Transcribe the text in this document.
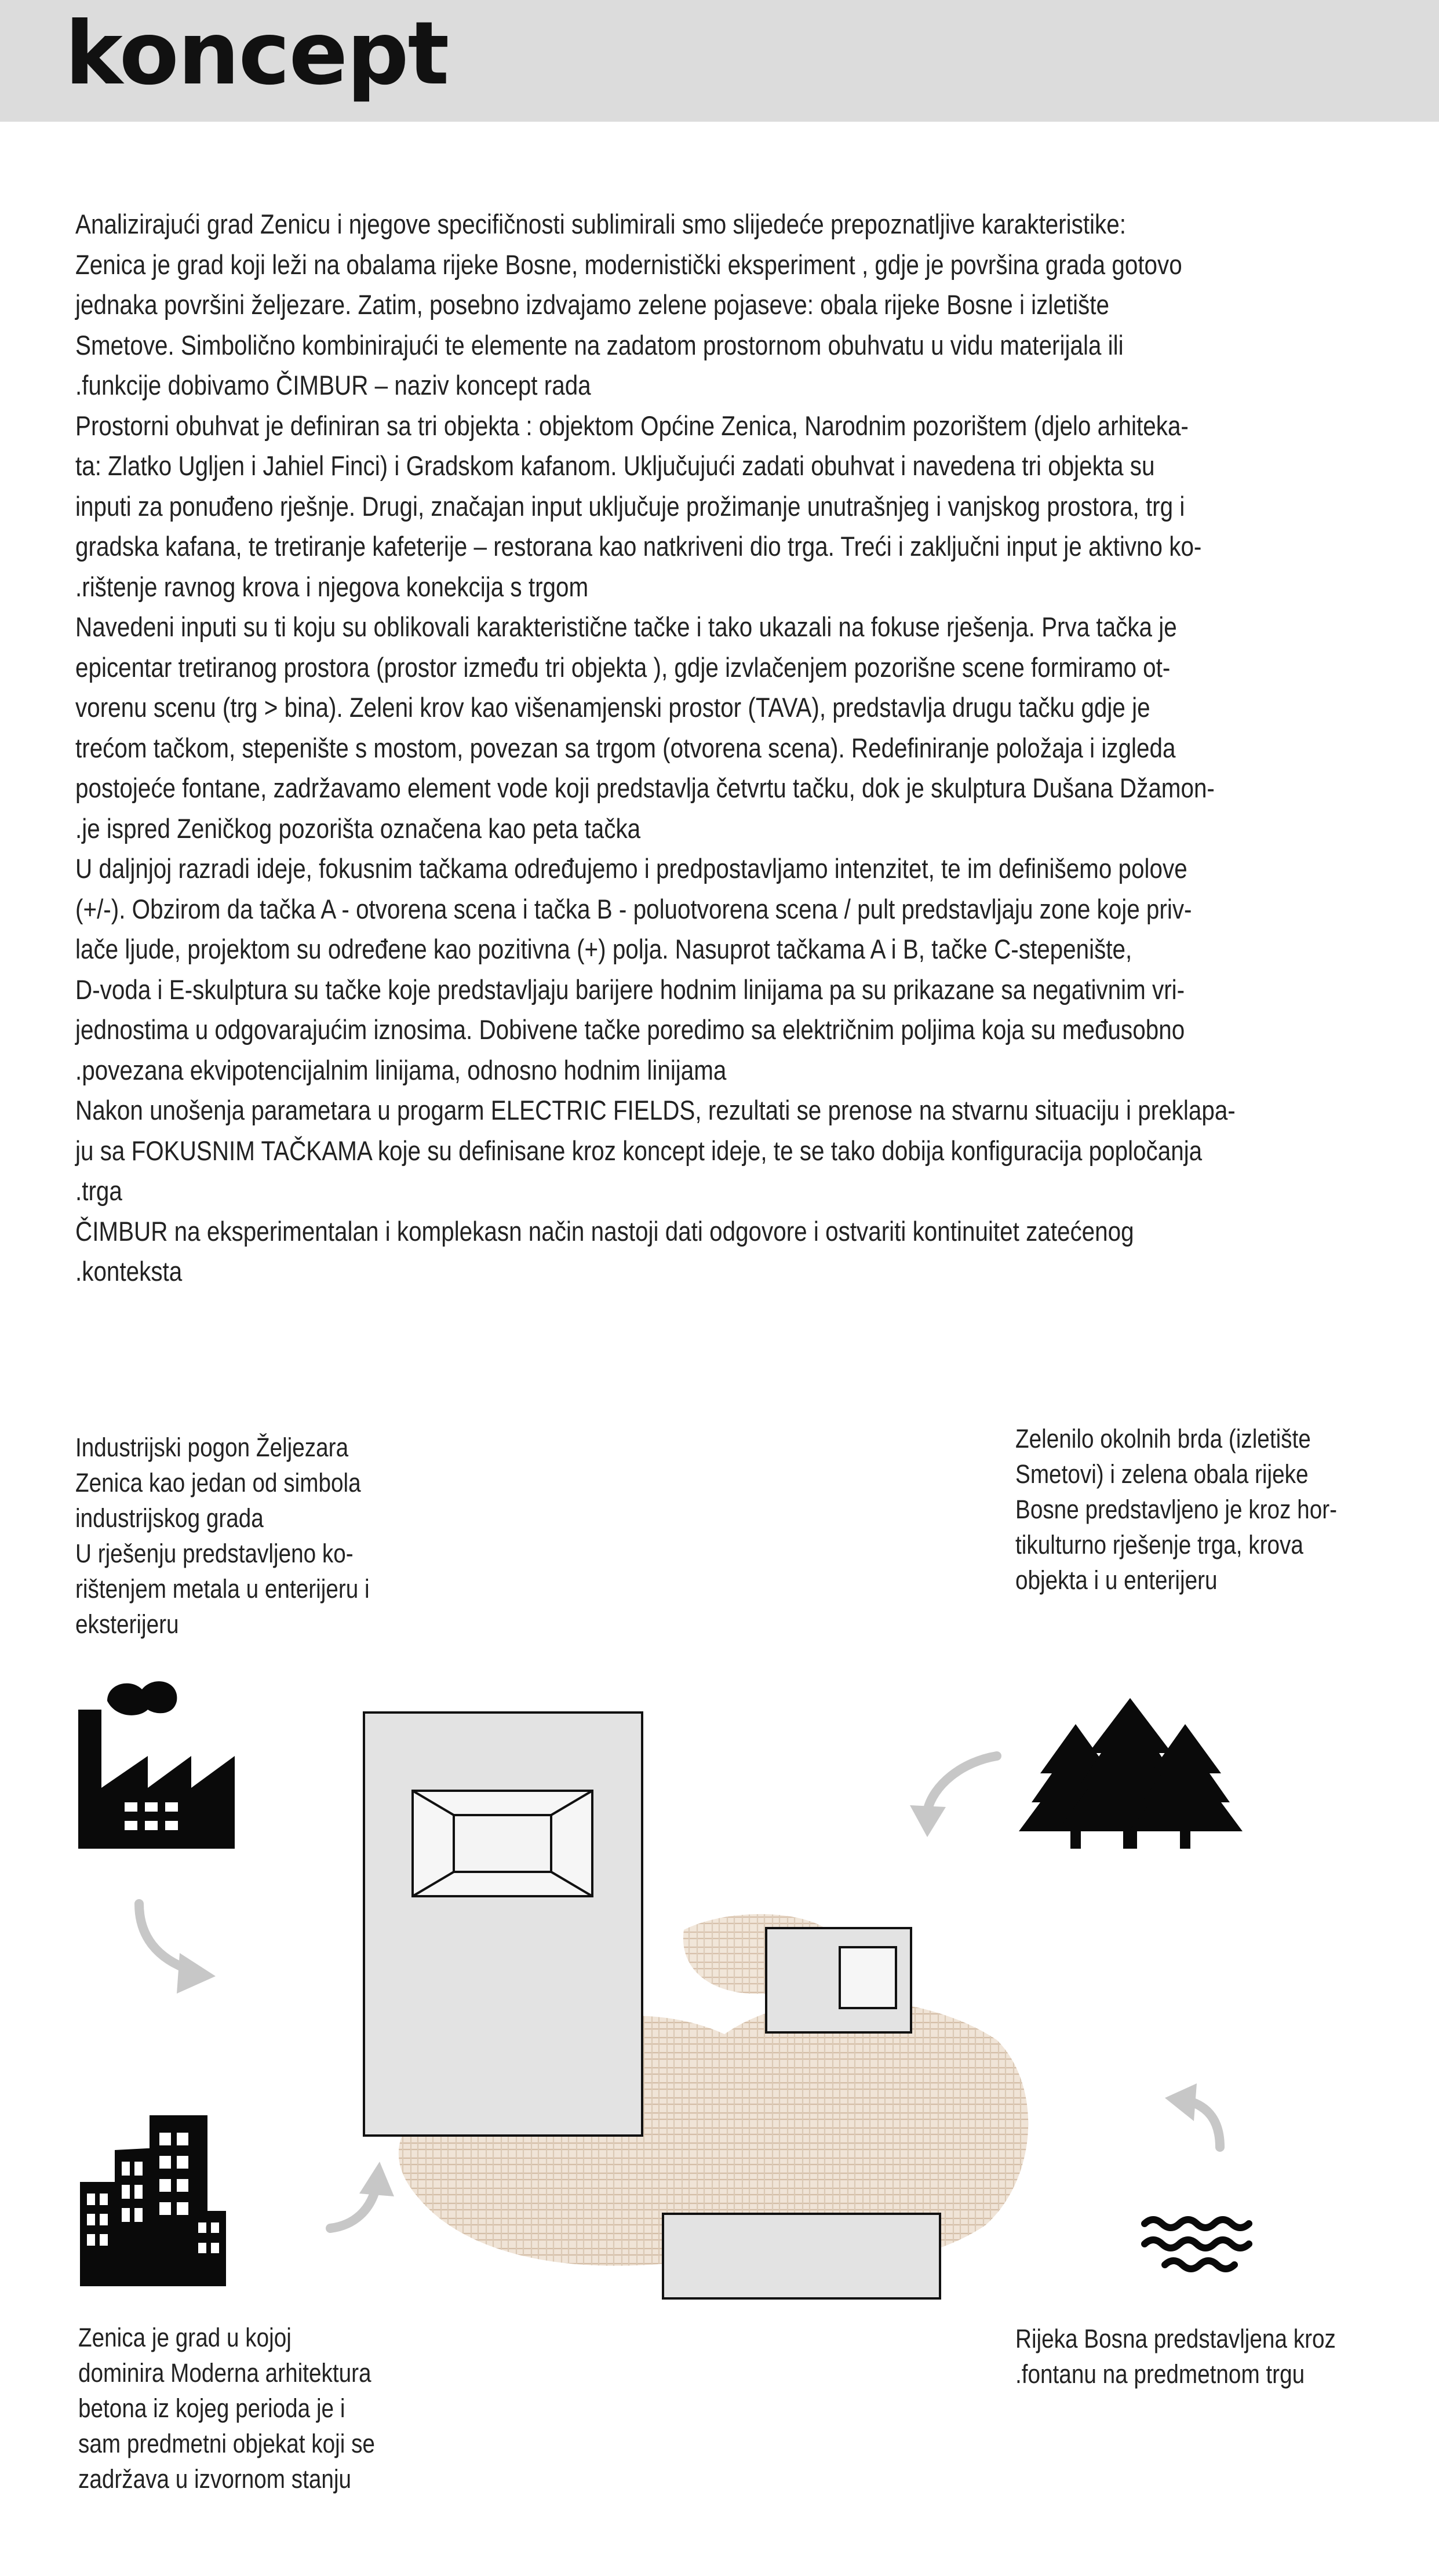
koncept

Analizirajući grad Zenicu i njegove specifičnosti sublimirali smo slijedeće prepoznatljive karakteristike:

Zenica je grad koji leži na obalama rijeke Bosne, modernistički eksperiment , gdje je površina grada gotovo

jednaka površini željezare. Zatim, posebno izdvajamo zelene pojaseve: obala rijeke Bosne i izletište

Smetove. Simbolično kombinirajući te elemente na zadatom prostornom obuhvatu u vidu materijala ili

.funkcije dobivamo ČIMBUR – naziv koncept rada

Prostorni obuhvat je definiran sa tri objekta : objektom Općine Zenica, Narodnim pozorištem (djelo arhiteka-

ta: Zlatko Ugljen i Jahiel Finci) i Gradskom kafanom. Uključujući zadati obuhvat i navedena tri objekta su

inputi za ponuđeno rješnje. Drugi, značajan input uključuje prožimanje unutrašnjeg i vanjskog prostora, trg i

gradska kafana, te tretiranje kafeterije – restorana kao natkriveni dio trga. Treći i zaključni input je aktivno ko-

.rištenje ravnog krova i njegova konekcija s trgom

Navedeni inputi su ti koju su oblikovali karakteristične tačke i tako ukazali na fokuse rješenja. Prva tačka je

epicentar tretiranog prostora (prostor između tri objekta ), gdje izvlačenjem pozorišne scene formiramo ot-

vorenu scenu (trg > bina). Zeleni krov kao višenamjenski prostor (TAVA), predstavlja drugu tačku gdje je

trećom tačkom, stepenište s mostom, povezan sa trgom (otvorena scena). Redefiniranje položaja i izgleda

postojeće fontane, zadržavamo element vode koji predstavlja četvrtu tačku, dok je skulptura Dušana Džamon-

.je ispred Zeničkog pozorišta označena kao peta tačka

U daljnjoj razradi ideje, fokusnim tačkama određujemo i predpostavljamo intenzitet, te im definišemo polove

(+/-). Obzirom da tačka A - otvorena scena i tačka B - poluotvorena scena / pult predstavljaju zone koje priv-

lače ljude, projektom su određene kao pozitivna (+) polja. Nasuprot tačkama A i B, tačke C-stepenište,

D-voda i E-skulptura su tačke koje predstavljaju barijere hodnim linijama pa su prikazane sa negativnim vri-

jednostima u odgovarajućim iznosima. Dobivene tačke poredimo sa električnim poljima koja su međusobno

.povezana ekvipotencijalnim linijama, odnosno hodnim linijama

Nakon unošenja parametara u progarm ELECTRIC FIELDS, rezultati se prenose na stvarnu situaciju i preklapa-

ju sa FOKUSNIM TAČKAMA koje su definisane kroz koncept ideje, te se tako dobija konfiguracija popločanja

.trga

ČIMBUR na eksperimentalan i komplekasn način nastoji dati odgovore i ostvariti kontinuitet zatećenog

.konteksta

Industrijski pogon Željezara
Zenica kao jedan od simbola
industrijskog grada
U rješenju predstavljeno ko-
rištenjem metala u enterijeru i
eksterijeru
Zelenilo okolnih brda (izletište
Smetovi) i zelena obala rijeke
Bosne predstavljeno je kroz hor-
tikulturno rješenje trga, krova
objekta i u enterijeru
Zenica je grad u kojoj
dominira Moderna arhitektura
betona iz kojeg perioda je i
sam predmetni objekat koji se
zadržava u izvornom stanju
Rijeka Bosna predstavljena kroz
.fontanu na predmetnom trgu
